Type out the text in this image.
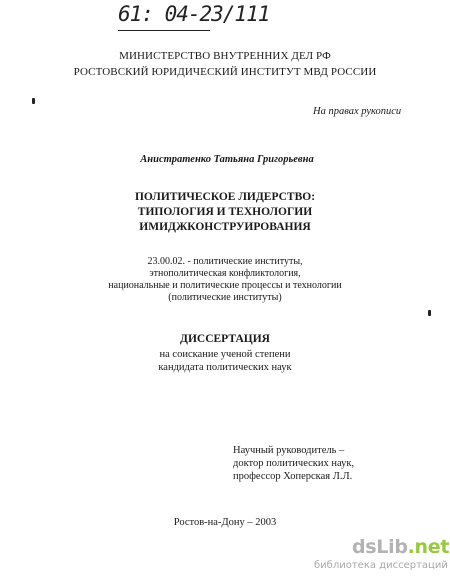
61: 04-23/111
МИНИСТЕРСТВО ВНУТРЕННИХ ДЕЛ РФ
РОСТОВСКИЙ ЮРИДИЧЕСКИЙ ИНСТИТУТ МВД РОССИИ
На правах рукописи
Анистратенко Татьяна Григорьевна
ПОЛИТИЧЕСКОЕ ЛИДЕРСТВО:
ТИПОЛОГИЯ И ТЕХНОЛОГИИ
ИМИДЖКОНСТРУИРОВАНИЯ
23.00.02. - политические институты,
этнополитическая конфликтология,
национальные и политические процессы и технологии
(политические институты)
ДИССЕРТАЦИЯ
на соискание ученой степени
кандидата политических наук
Научный руководитель –
доктор политических наук,
профессор Хоперская Л.Л.
Ростов-на-Дону – 2003
dsLib.net
библиотека диссертаций
